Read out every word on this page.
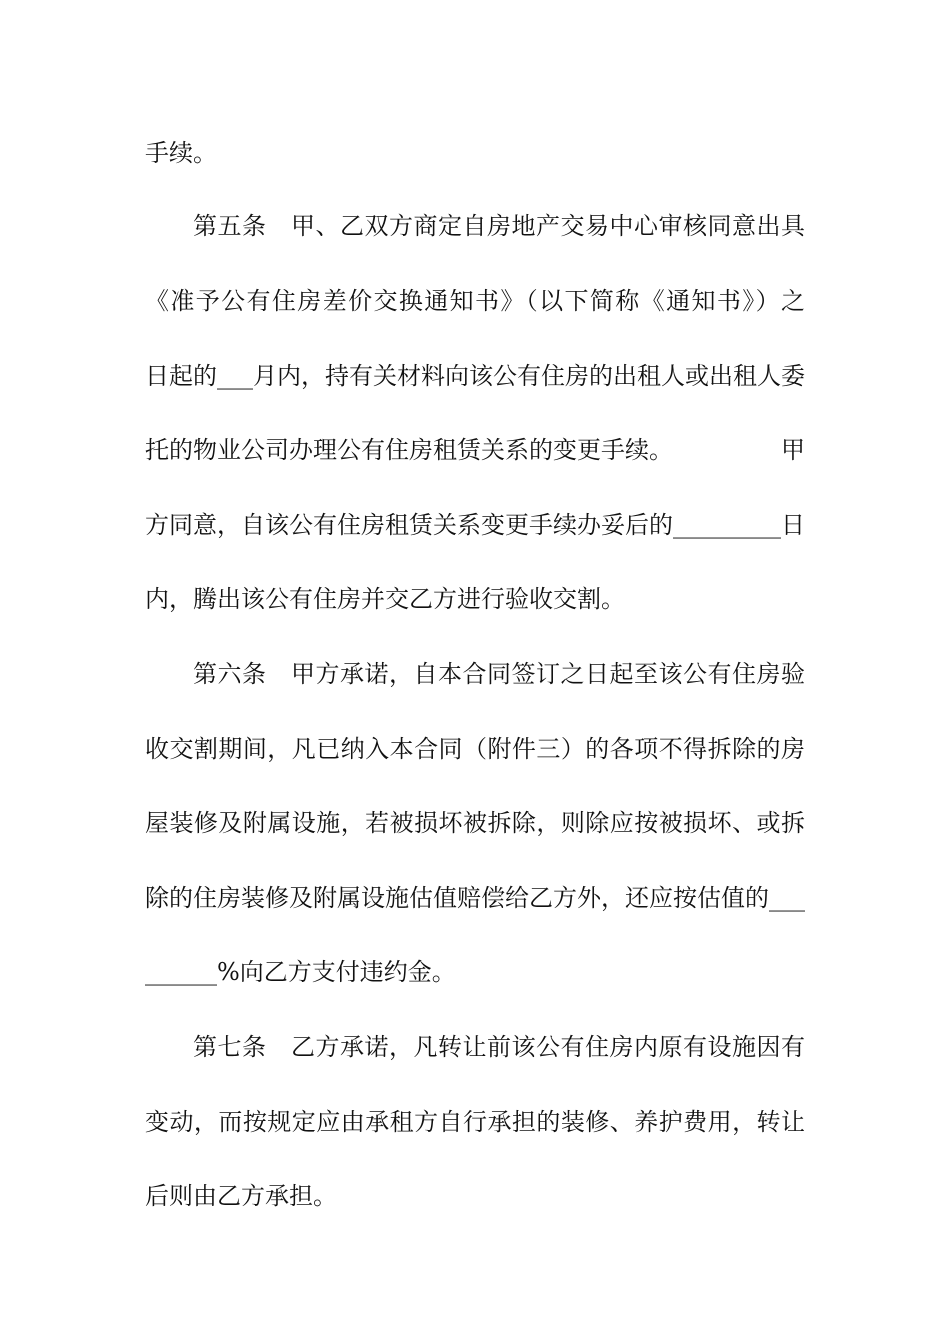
手续。
第五条　甲、乙双方商定自房地产交易中心审核同意出具
《准予公有住房差价交换通知书》（以下简称《通知书》）之
日起的___月内，持有关材料向该公有住房的出租人或出租人委
托的物业公司办理公有住房租赁关系的变更手续。　　　　　甲
方同意，自该公有住房租赁关系变更手续办妥后的_________日
内，腾出该公有住房并交乙方进行验收交割。
第六条　甲方承诺，自本合同签订之日起至该公有住房验
收交割期间，凡已纳入本合同（附件三）的各项不得拆除的房
屋装修及附属设施，若被损坏被拆除，则除应按被损坏、或拆
除的住房装修及附属设施估值赔偿给乙方外，还应按估值的___
______%向乙方支付违约金。
第七条　乙方承诺，凡转让前该公有住房内原有设施因有
变动，而按规定应由承租方自行承担的装修、养护费用，转让
后则由乙方承担。
